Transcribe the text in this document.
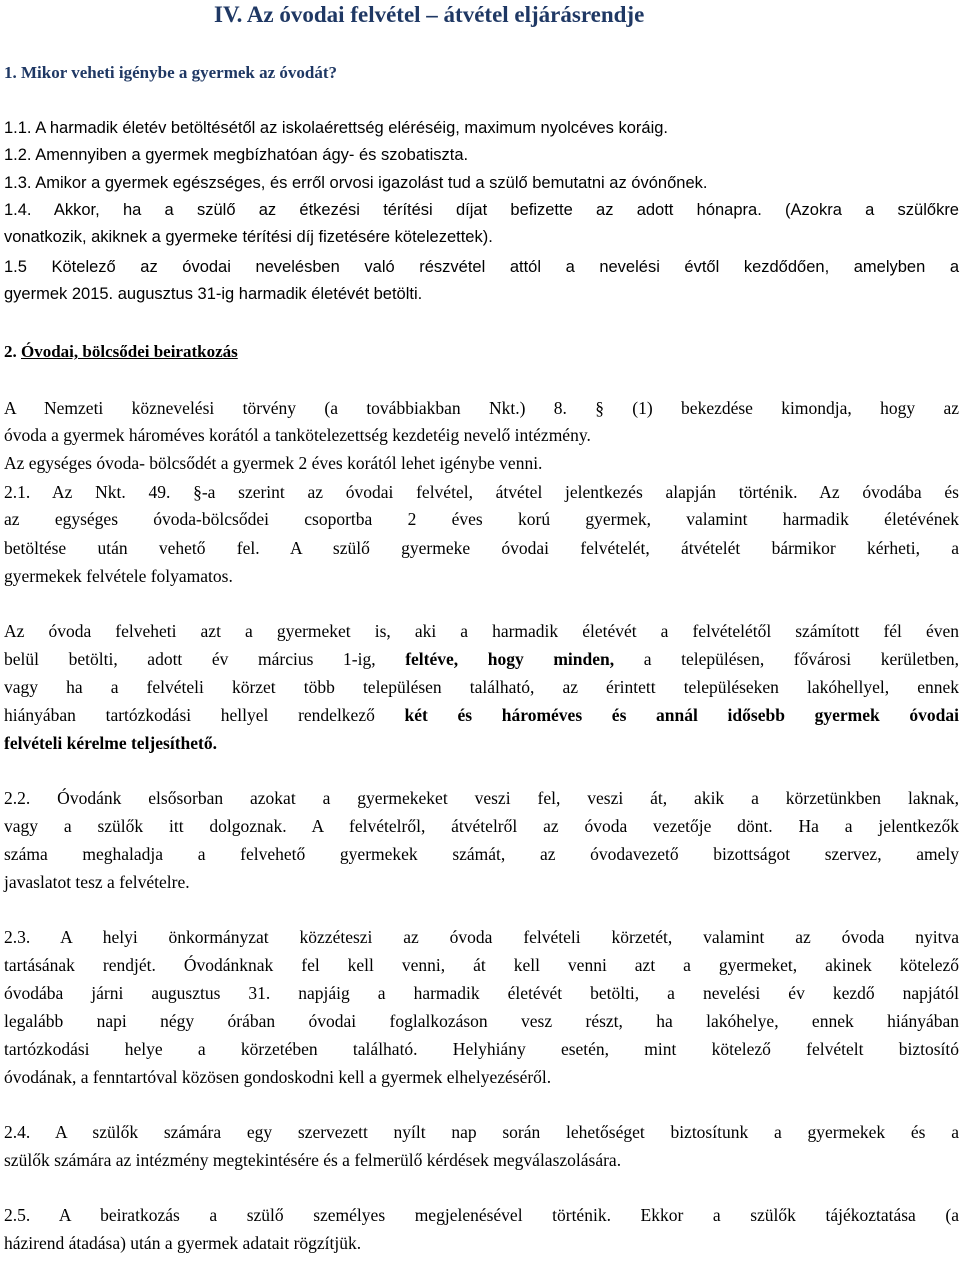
IV. Az óvodai felvétel – átvétel eljárásrendje
1. Mikor veheti igénybe a gyermek az óvodát?
1.1. A harmadik életév betöltésétől az iskolaérettség eléréséig, maximum nyolcéves koráig.
1.2. Amennyiben a gyermek megbízhatóan ágy- és szobatiszta.
1.3. Amikor a gyermek egészséges, és erről orvosi igazolást tud a szülő bemutatni az óvónőnek.
1.4. Akkor, ha a szülő az étkezési térítési díjat befizette az adott hónapra. (Azokra a szülőkre
vonatkozik, akiknek a gyermeke térítési díj fizetésére kötelezettek).
1.5 Kötelező az óvodai nevelésben való részvétel attól a nevelési évtől kezdődően, amelyben a
gyermek 2015. augusztus 31-ig harmadik életévét betölti.
2. Óvodai, bölcsődei beiratkozás
A Nemzeti köznevelési törvény (a továbbiakban Nkt.) 8. § (1) bekezdése kimondja, hogy az
óvoda a gyermek hároméves korától a tankötelezettség kezdetéig nevelő intézmény.
Az egységes óvoda- bölcsődét a gyermek 2 éves korától lehet igénybe venni.
2.1. Az Nkt. 49. §-a szerint az óvodai felvétel, átvétel jelentkezés alapján történik. Az óvodába és
az egységes óvoda-bölcsődei csoportba 2 éves korú gyermek, valamint harmadik életévének
betöltése után vehető fel. A szülő gyermeke óvodai felvételét, átvételét bármikor kérheti, a
gyermekek felvétele folyamatos.
Az óvoda felveheti azt a gyermeket is, aki a harmadik életévét a felvételétől számított fél éven
belül betölti, adott év március 1-ig, feltéve, hogy minden, a településen, fővárosi kerületben,
vagy ha a felvételi körzet több településen található, az érintett településeken lakóhellyel, ennek
hiányában tartózkodási hellyel rendelkező két és hároméves és annál idősebb gyermek óvodai
felvételi kérelme teljesíthető.
2.2. Óvodánk elsősorban azokat a gyermekeket veszi fel, veszi át, akik a körzetünkben laknak,
vagy a szülők itt dolgoznak. A felvételről, átvételről az óvoda vezetője dönt. Ha a jelentkezők
száma meghaladja a felvehető gyermekek számát, az óvodavezető bizottságot szervez, amely
javaslatot tesz a felvételre.
2.3. A helyi önkormányzat közzéteszi az óvoda felvételi körzetét, valamint az óvoda nyitva
tartásának rendjét. Óvodánknak fel kell venni, át kell venni azt a gyermeket, akinek kötelező
óvodába járni augusztus 31. napjáig a harmadik életévét betölti, a nevelési év kezdő napjától
legalább napi négy órában óvodai foglalkozáson vesz részt, ha lakóhelye, ennek hiányában
tartózkodási helye a körzetében található. Helyhiány esetén, mint kötelező felvételt biztosító
óvodának, a fenntartóval közösen gondoskodni kell a gyermek elhelyezéséről.
2.4. A szülők számára egy szervezett nyílt nap során lehetőséget biztosítunk a gyermekek és a
szülők számára az intézmény megtekintésére és a felmerülő kérdések megválaszolására.
2.5. A beiratkozás a szülő személyes megjelenésével történik. Ekkor a szülők tájékoztatása (a
házirend átadása) után a gyermek adatait rögzítjük.
